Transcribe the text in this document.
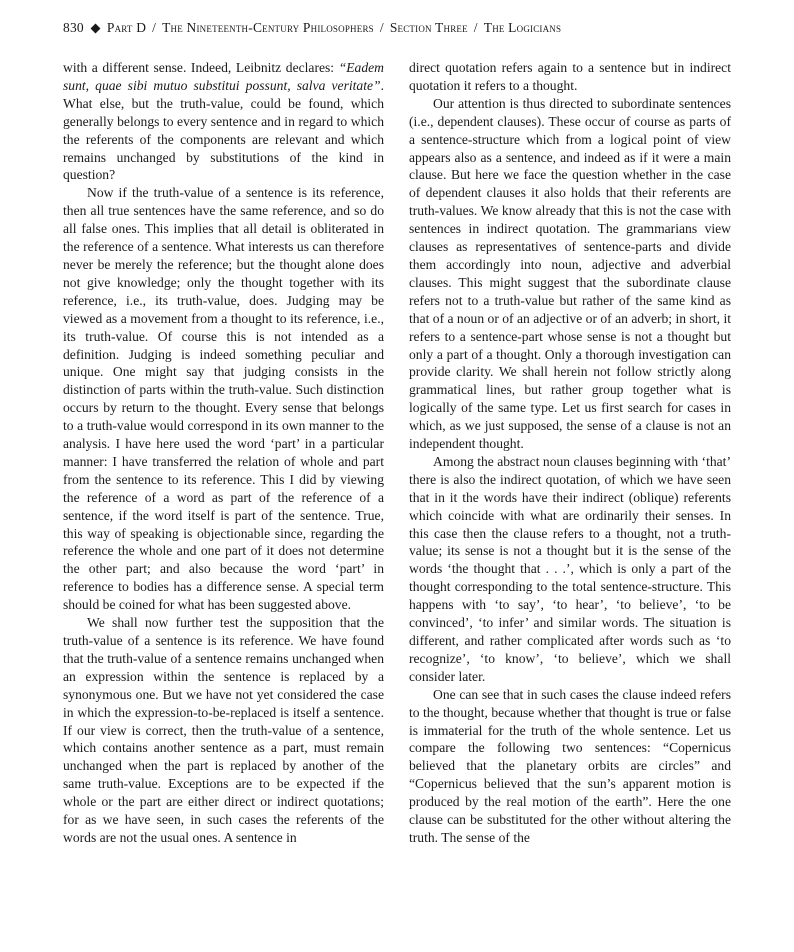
830 Part D / The Nineteenth-Century Philosophers / Section Three / The Logicians

with a different sense. Indeed, Leibnitz declares: “Eadem sunt, quae sibi mutuo substitui possunt, salva veritate”. What else, but the truth-value, could be found, which generally belongs to every sentence and in regard to which the referents of the components are relevant and which remains unchanged by substitutions of the kind in question?

Now if the truth-value of a sentence is its reference, then all true sentences have the same reference, and so do all false ones. This implies that all detail is obliterated in the reference of a sentence. What interests us can therefore never be merely the reference; but the thought alone does not give knowledge; only the thought together with its reference, i.e., its truth-value, does. Judging may be viewed as a movement from a thought to its reference, i.e., its truth-value. Of course this is not intended as a definition. Judging is indeed something peculiar and unique. One might say that judging consists in the distinction of parts within the truth-value. Such distinction occurs by return to the thought. Every sense that belongs to a truth-value would correspond in its own manner to the analysis. I have here used the word ‘part’ in a particular manner: I have transferred the relation of whole and part from the sentence to its reference. This I did by viewing the reference of a word as part of the reference of a sentence, if the word itself is part of the sentence. True, this way of speaking is objectionable since, regarding the reference the whole and one part of it does not determine the other part; and also because the word ‘part’ in reference to bodies has a difference sense. A special term should be coined for what has been suggested above.

We shall now further test the supposition that the truth-value of a sentence is its reference. We have found that the truth-value of a sentence remains unchanged when an expression within the sentence is replaced by a synonymous one. But we have not yet considered the case in which the expression-to-be-replaced is itself a sentence. If our view is correct, then the truth-value of a sentence, which contains another sentence as a part, must remain unchanged when the part is replaced by another of the same truth-value. Exceptions are to be expected if the whole or the part are either direct or indirect quotations; for as we have seen, in such cases the referents of the words are not the usual ones. A sentence in

direct quotation refers again to a sentence but in indirect quotation it refers to a thought.

Our attention is thus directed to subordinate sentences (i.e., dependent clauses). These occur of course as parts of a sentence-structure which from a logical point of view appears also as a sentence, and indeed as if it were a main clause. But here we face the question whether in the case of dependent clauses it also holds that their referents are truth-values. We know already that this is not the case with sentences in indirect quotation. The grammarians view clauses as representatives of sentence-parts and divide them accordingly into noun, adjective and adverbial clauses. This might suggest that the subordinate clause refers not to a truth-value but rather of the same kind as that of a noun or of an adjective or of an adverb; in short, it refers to a sentence-part whose sense is not a thought but only a part of a thought. Only a thorough investigation can provide clarity. We shall herein not follow strictly along grammatical lines, but rather group together what is logically of the same type. Let us first search for cases in which, as we just supposed, the sense of a clause is not an independent thought.

Among the abstract noun clauses beginning with ‘that’ there is also the indirect quotation, of which we have seen that in it the words have their indirect (oblique) referents which coincide with what are ordinarily their senses. In this case then the clause refers to a thought, not a truth-value; its sense is not a thought but it is the sense of the words ‘the thought that . . .’, which is only a part of the thought corresponding to the total sentence-structure. This happens with ‘to say’, ‘to hear’, ‘to believe’, ‘to be convinced’, ‘to infer’ and similar words. The situation is different, and rather complicated after words such as ‘to recognize’, ‘to know’, ‘to believe’, which we shall consider later.

One can see that in such cases the clause indeed refers to the thought, because whether that thought is true or false is immaterial for the truth of the whole sentence. Let us compare the following two sentences: “Copernicus believed that the planetary orbits are circles” and “Copernicus believed that the sun’s apparent motion is produced by the real motion of the earth”. Here the one clause can be substituted for the other without altering the truth. The sense of the
